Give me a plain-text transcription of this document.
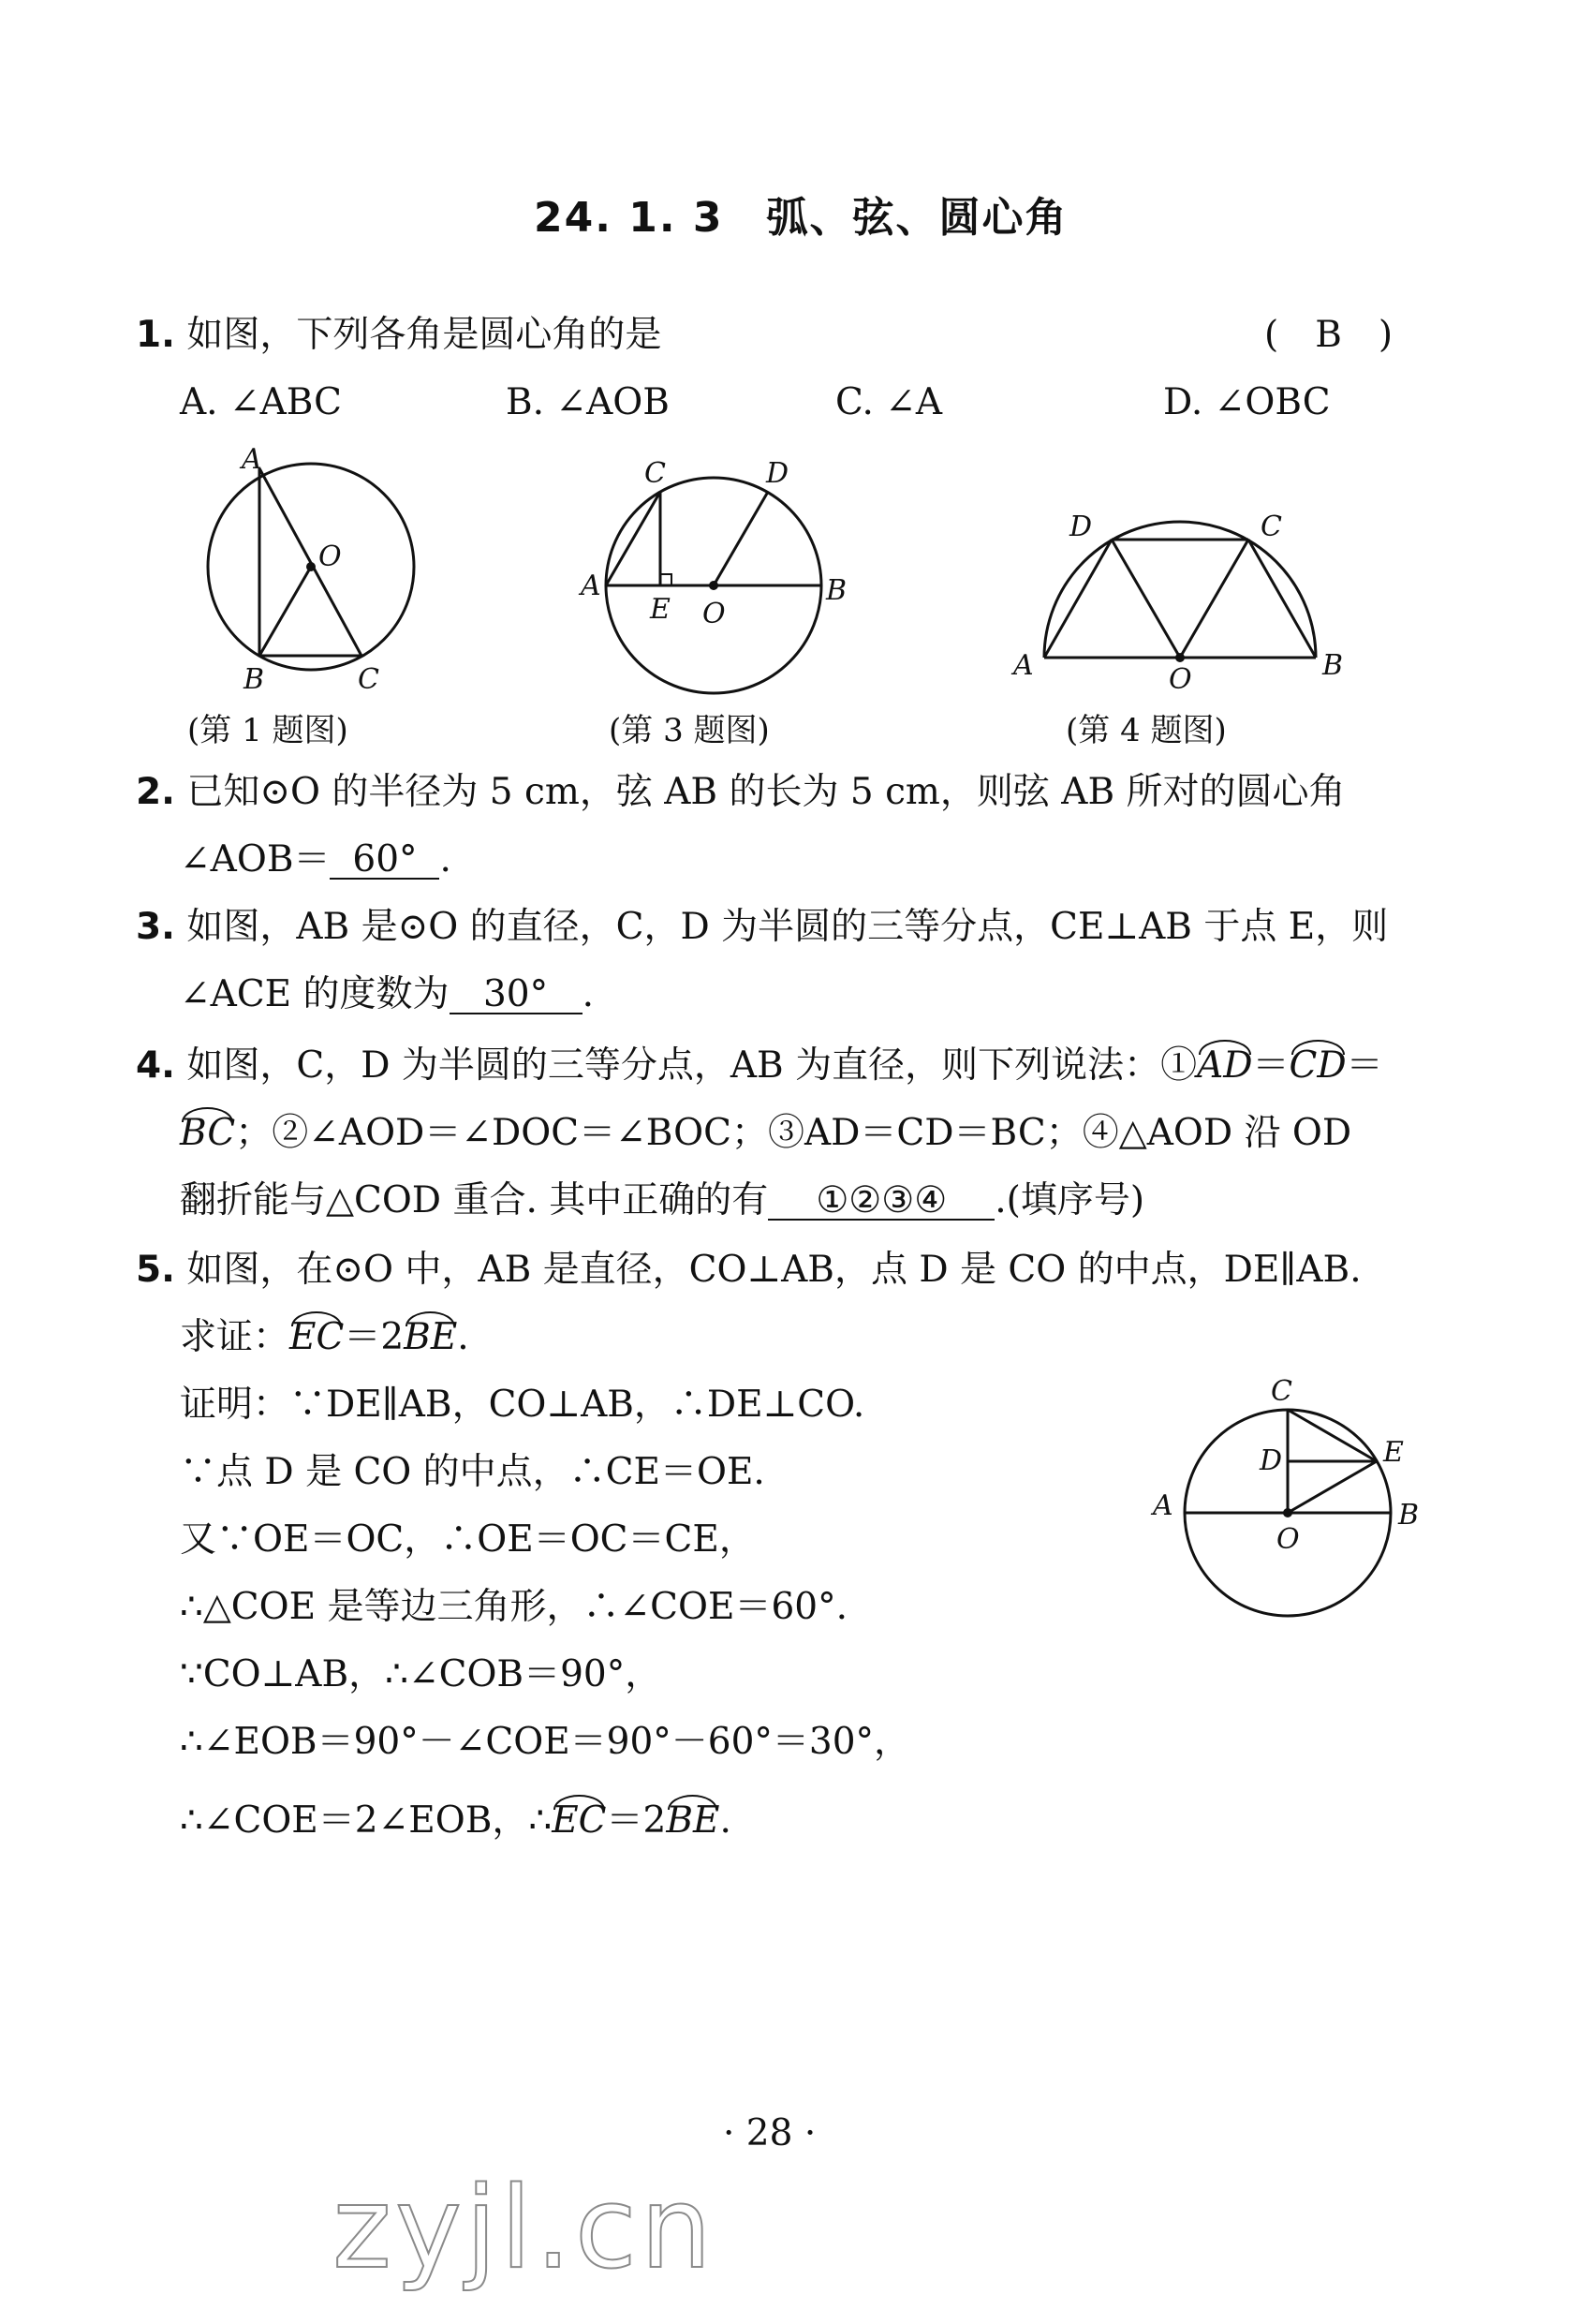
24. 1. 3　弧、弦、圆心角
1. 如图，下列各角是圆心角的是	(　B　)
A. ∠ABC	B. ∠AOB	C. ∠A	D. ∠OBC
A
O
B	C
(第 1 题图)
C	D
A
E O
B
(第 3 题图)
D	C
A	O	B
(第 4 题图)
2. 已知⊙O 的半径为 5 cm，弦 AB 的长为 5 cm，则弦 AB 所对的圆心角
∠AOB＝ 60° .
3. 如图，AB 是⊙O 的直径，C，D 为半圆的三等分点，CE⊥AB 于点 E，则
∠ACE 的度数为 30° .
4. 如图，C，D 为半圆的三等分点，AB 为直径，则下列说法：①AD＝CD＝
BC；②∠AOD＝∠DOC＝∠BOC；③AD＝CD＝BC；④△AOD 沿 OD
翻折能与△COD 重合. 其中正确的有 ①②③④ .(填序号)
5. 如图，在⊙O 中，AB 是直径，CO⊥AB，点 D 是 CO 的中点，DE∥AB.
求证：EC＝2BE.
证明：∵DE∥AB，CO⊥AB，∴DE⊥CO.
∵点 D 是 CO 的中点，∴CE＝OE.
又∵OE＝OC，∴OE＝OC＝CE，
∴△COE 是等边三角形，∴∠COE＝60°.
∵CO⊥AB，∴∠COB＝90°，
∴∠EOB＝90°－∠COE＝90°－60°＝30°，
∴∠COE＝2∠EOB，∴EC＝2BE.
C
D	E
A	B
O
· 28 ·
zyjl.cn
